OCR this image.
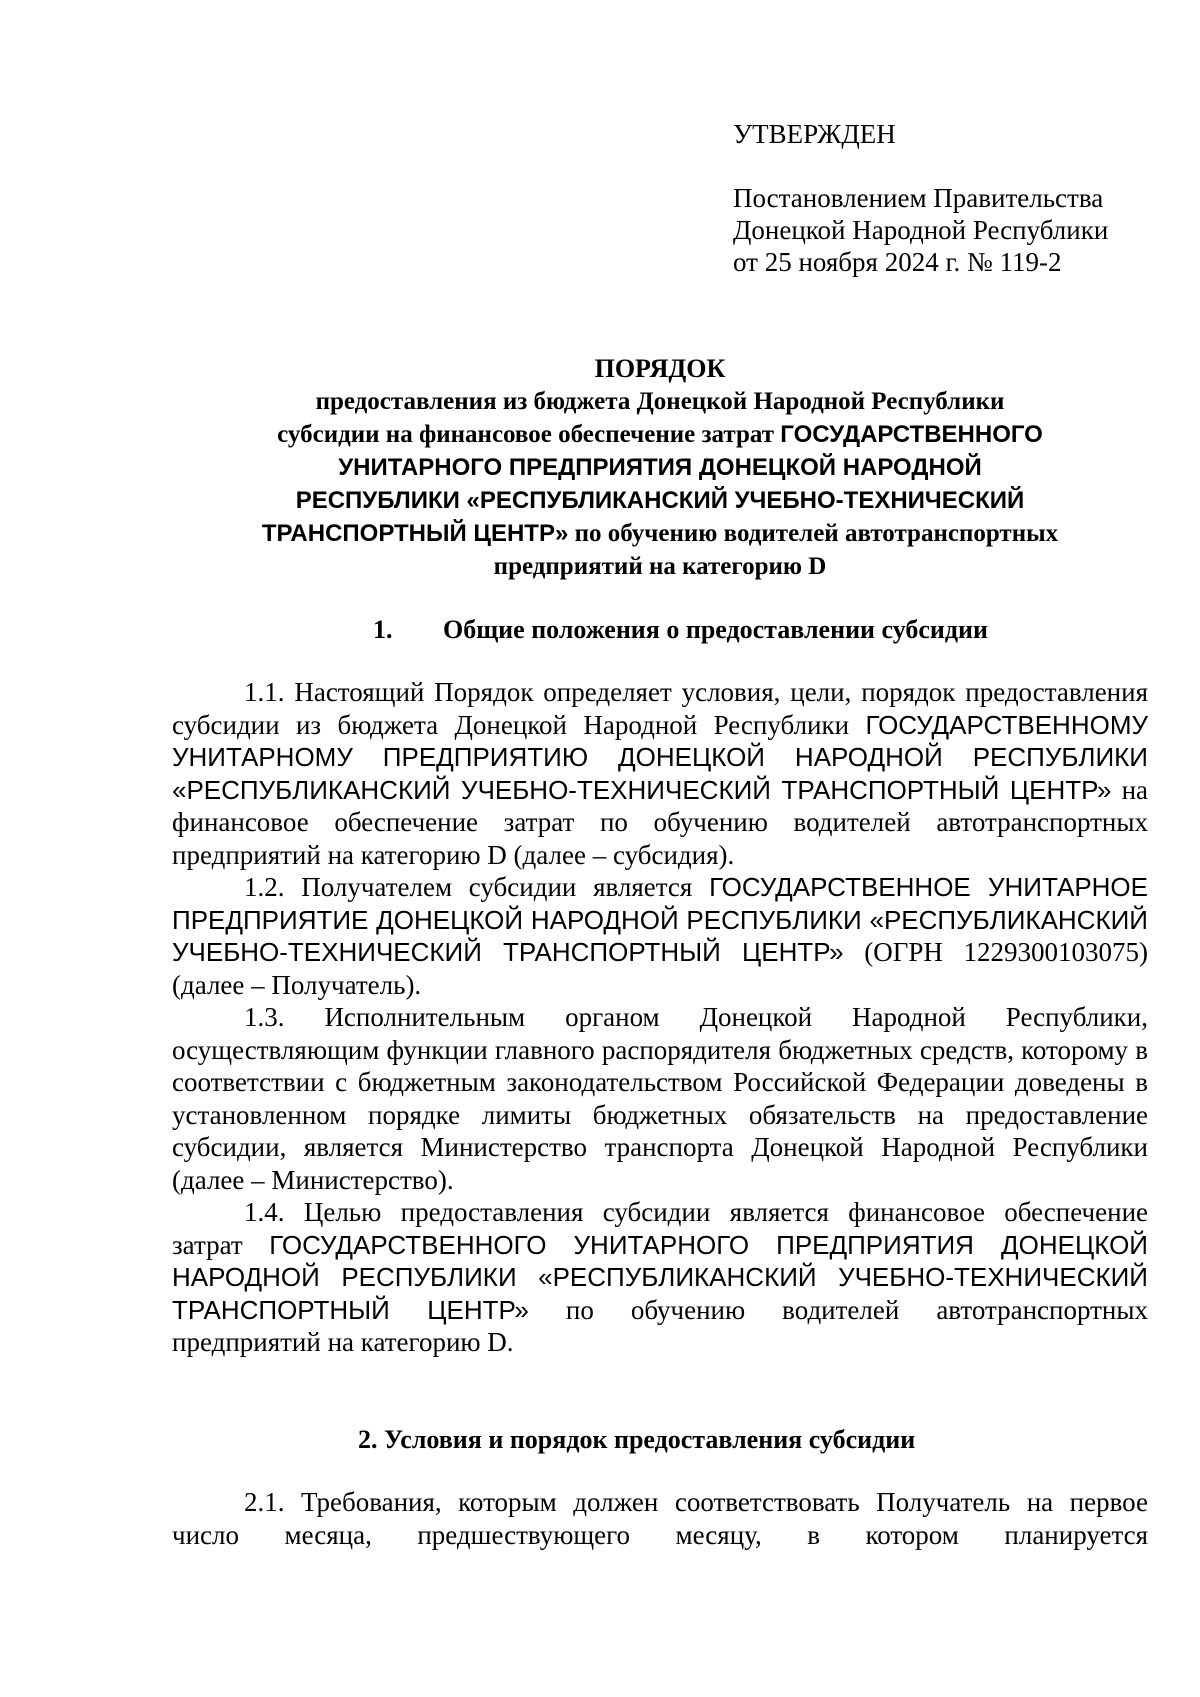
УТВЕРЖДЕН

Постановлением Правительства

Донецкой Народной Республики

от 25 ноября 2024 г. № 119-2

ПОРЯДОК

предоставления из бюджета Донецкой Народной Республики

субсидии на финансовое обеспечение затрат ГОСУДАРСТВЕННОГО

УНИТАРНОГО ПРЕДПРИЯТИЯ ДОНЕЦКОЙ НАРОДНОЙ

РЕСПУБЛИКИ «РЕСПУБЛИКАНСКИЙ УЧЕБНО-ТЕХНИЧЕСКИЙ

ТРАНСПОРТНЫЙ ЦЕНТР» по обучению водителей автотранспортных

предприятий на категорию D

1. Общие положения о предоставлении субсидии

1.1. Настоящий Порядок определяет условия, цели, порядок предоставления субсидии из бюджета Донецкой Народной Республики ГОСУДАРСТВЕННОМУ УНИТАРНОМУ ПРЕДПРИЯТИЮ ДОНЕЦКОЙ НАРОДНОЙ РЕСПУБЛИКИ «РЕСПУБЛИКАНСКИЙ УЧЕБНО-ТЕХНИЧЕСКИЙ ТРАНСПОРТНЫЙ ЦЕНТР» на финансовое обеспечение затрат по обучению водителей автотранспортных предприятий на категорию D (далее – субсидия).

1.2. Получателем субсидии является ГОСУДАРСТВЕННОЕ УНИТАРНОЕ ПРЕДПРИЯТИЕ ДОНЕЦКОЙ НАРОДНОЙ РЕСПУБЛИКИ «РЕСПУБЛИКАНСКИЙ УЧЕБНО-ТЕХНИЧЕСКИЙ ТРАНСПОРТНЫЙ ЦЕНТР» (ОГРН 1229300103075) (далее – Получатель).

1.3. Исполнительным органом Донецкой Народной Республики, осуществляющим функции главного распорядителя бюджетных средств, которому в соответствии с бюджетным законодательством Российской Федерации доведены в установленном порядке лимиты бюджетных обязательств на предоставление субсидии, является Министерство транспорта Донецкой Народной Республики (далее – Министерство).

1.4. Целью предоставления субсидии является финансовое обеспечение затрат ГОСУДАРСТВЕННОГО УНИТАРНОГО ПРЕДПРИЯТИЯ ДОНЕЦКОЙ НАРОДНОЙ РЕСПУБЛИКИ «РЕСПУБЛИКАНСКИЙ УЧЕБНО-ТЕХНИЧЕСКИЙ ТРАНСПОРТНЫЙ ЦЕНТР» по обучению водителей автотранспортных предприятий на категорию D.

2. Условия и порядок предоставления субсидии

2.1. Требования, которым должен соответствовать Получатель на первое число месяца, предшествующего месяцу, в котором планируется
